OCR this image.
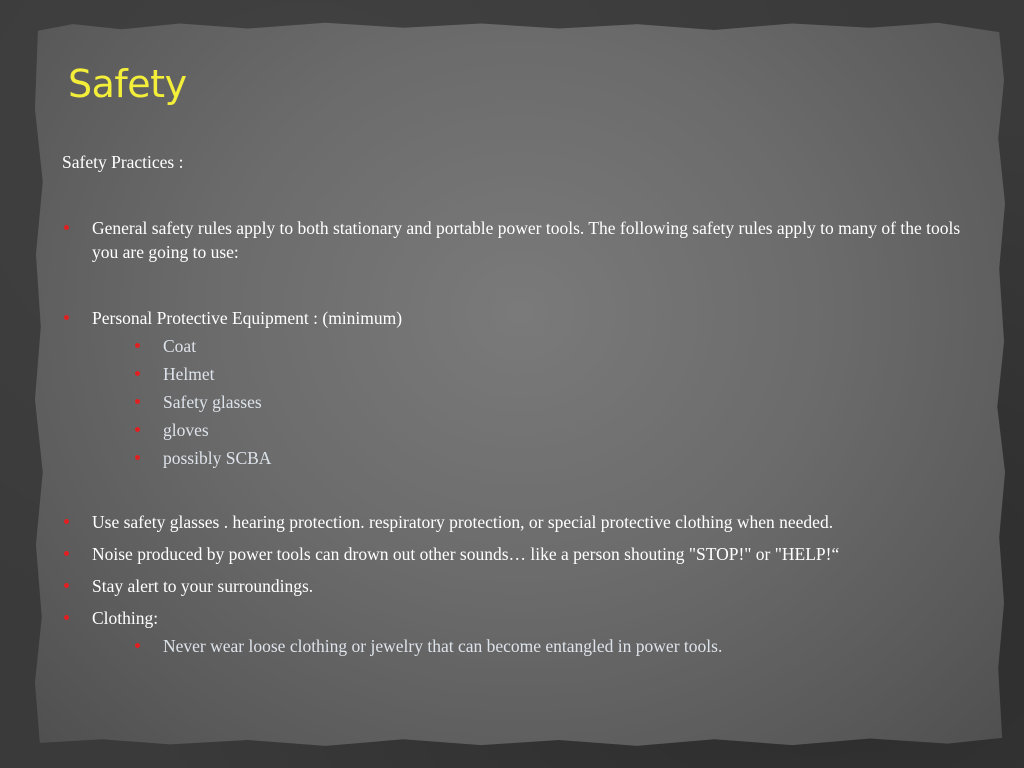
Safety

Safety Practices :

General safety rules apply to both stationary and portable power tools. The following safety rules apply to many of the tools you are going to use:
Personal Protective Equipment : (minimum)
Coat
Helmet
Safety glasses
gloves
possibly SCBA
Use safety glasses . hearing protection. respiratory protection, or special protective clothing when needed.
Noise produced by power tools can drown out other sounds… like a person shouting "STOP!" or "HELP!“
Stay alert to your surroundings.
Clothing:
Never wear loose clothing or jewelry that can become entangled in power tools.
